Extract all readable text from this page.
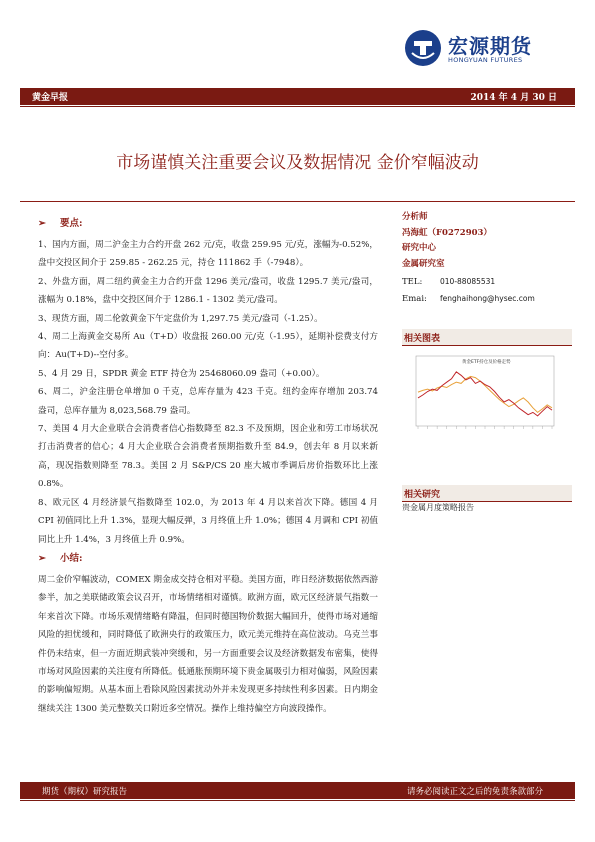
宏源期货
HONGYUAN FUTURES
黄金早报	2014 年 4 月 30 日
市场谨慎关注重要会议及数据情况 金价窄幅波动
➢ 要点:

1、国内方面，周二沪金主力合约开盘 262 元/克，收盘 259.95 元/克，涨幅为-0.52%，盘中交投区间介于 259.85 - 262.25 元，持仓 111862 手（-7948）。

2、外盘方面，周二纽约黄金主力合约开盘 1296 美元/盎司，收盘 1295.7 美元/盎司，涨幅为 0.18%，盘中交投区间介于 1286.1 - 1302 美元/盎司。

3、现货方面，周二伦敦黄金下午定盘价为 1,297.75 美元/盎司（-1.25）。

4、周二上海黄金交易所 Au（T+D）收盘报 260.00 元/克（-1.95），延期补偿费支付方向：Au(T+D)--空付多。

5、4 月 29 日，SPDR 黄金 ETF 持仓为 25468060.09 盎司（+0.00）。

6、周二，沪金注册仓单增加 0 千克，总库存量为 423 千克。纽约金库存增加 203.74 盎司，总库存量为 8,023,568.79 盎司。

7、美国 4 月大企业联合会消费者信心指数降至 82.3 不及预期，因企业和劳工市场状况打击消费者的信心；4 月大企业联合会消费者预期指数升至 84.9，创去年 8 月以来新高，现况指数则降至 78.3。美国 2 月 S&P/CS 20 座大城市季调后房价指数环比上涨 0.8%。

8、欧元区 4 月经济景气指数降至 102.0，为 2013 年 4 月以来首次下降。德国 4 月 CPI 初值同比上升 1.3%，显现大幅反弹，3 月终值上升 1.0%；德国 4 月调和 CPI 初值同比上升 1.4%，3 月终值上升 0.9%。

➢ 小结:

周二金价窄幅波动，COMEX 期金成交持仓相对平稳。美国方面，昨日经济数据依然西游参半，加之美联储政策会议召开，市场情绪相对谨慎。欧洲方面，欧元区经济景气指数一年来首次下降。市场乐观情绪略有降温，但同时德国物价数据大幅回升，使得市场对通缩风险的担忧缓和，同时降低了欧洲央行的政策压力，欧元美元维持在高位波动。乌克兰事件仍未结束，但一方面近期武装冲突缓和，另一方面重要会议及经济数据发布密集，使得市场对风险因素的关注度有所降低。低通胀预期环境下贵金属吸引力相对偏弱，风险因素的影响偏短期。从基本面上看除风险因素扰动外并未发现更多持续性利多因素。日内期金继续关注 1300 美元整数关口附近多空情况。操作上维持偏空方向波段操作。

分析师
冯海虹（F0272903）
研究中心
金属研究室
TEL: 010-88085531
Emai: fenghaihong@hysec.com
相关图表
黄金ETF持仓及价格走势
相关研究
贵金属月度策略报告
期货（期权）研究报告	请务必阅读正文之后的免责条款部分
